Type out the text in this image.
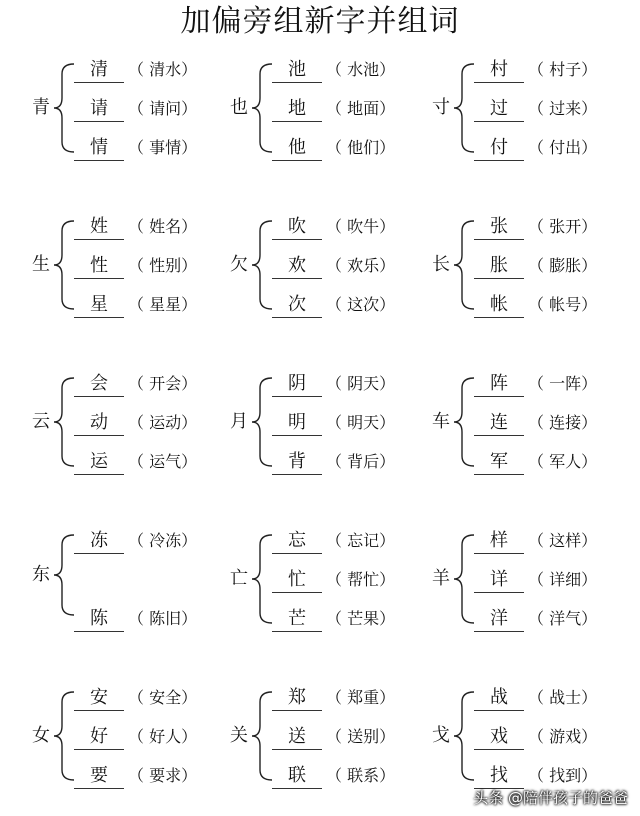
加偏旁组新字并组词
青
清	（ 清水）
请	（ 请问）
情	（ 事情）
也
池	（ 水池）
地	（ 地面）
他	（ 他们）
寸
村	（ 村子）
过	（ 过来）
付	（ 付出）
生
姓	（ 姓名）
性	（ 性别）
星	（ 星星）
欠
吹	（ 吹牛）
欢	（ 欢乐）
次	（ 这次）
长
张	（ 张开）
胀	（ 膨胀）
帐	（ 帐号）
云
会	（ 开会）
动	（ 运动）
运	（ 运气）
月
阴	（ 阴天）
明	（ 明天）
背	（ 背后）
车
阵	（ 一阵）
连	（ 连接）
军	（ 军人）
东
冻	（ 冷冻）
陈	（ 陈旧）
亡
忘	（ 忘记）
忙	（ 帮忙）
芒	（ 芒果）
羊
样	（ 这样）
详	（ 详细）
洋	（ 洋气）
女
安	（ 安全）
好	（ 好人）
要	（ 要求）
关
郑	（ 郑重）
送	（ 送别）
联	（ 联系）
戈
战	（ 战士）
戏	（ 游戏）
找	（ 找到）
头条 @陪伴孩子的爸爸
